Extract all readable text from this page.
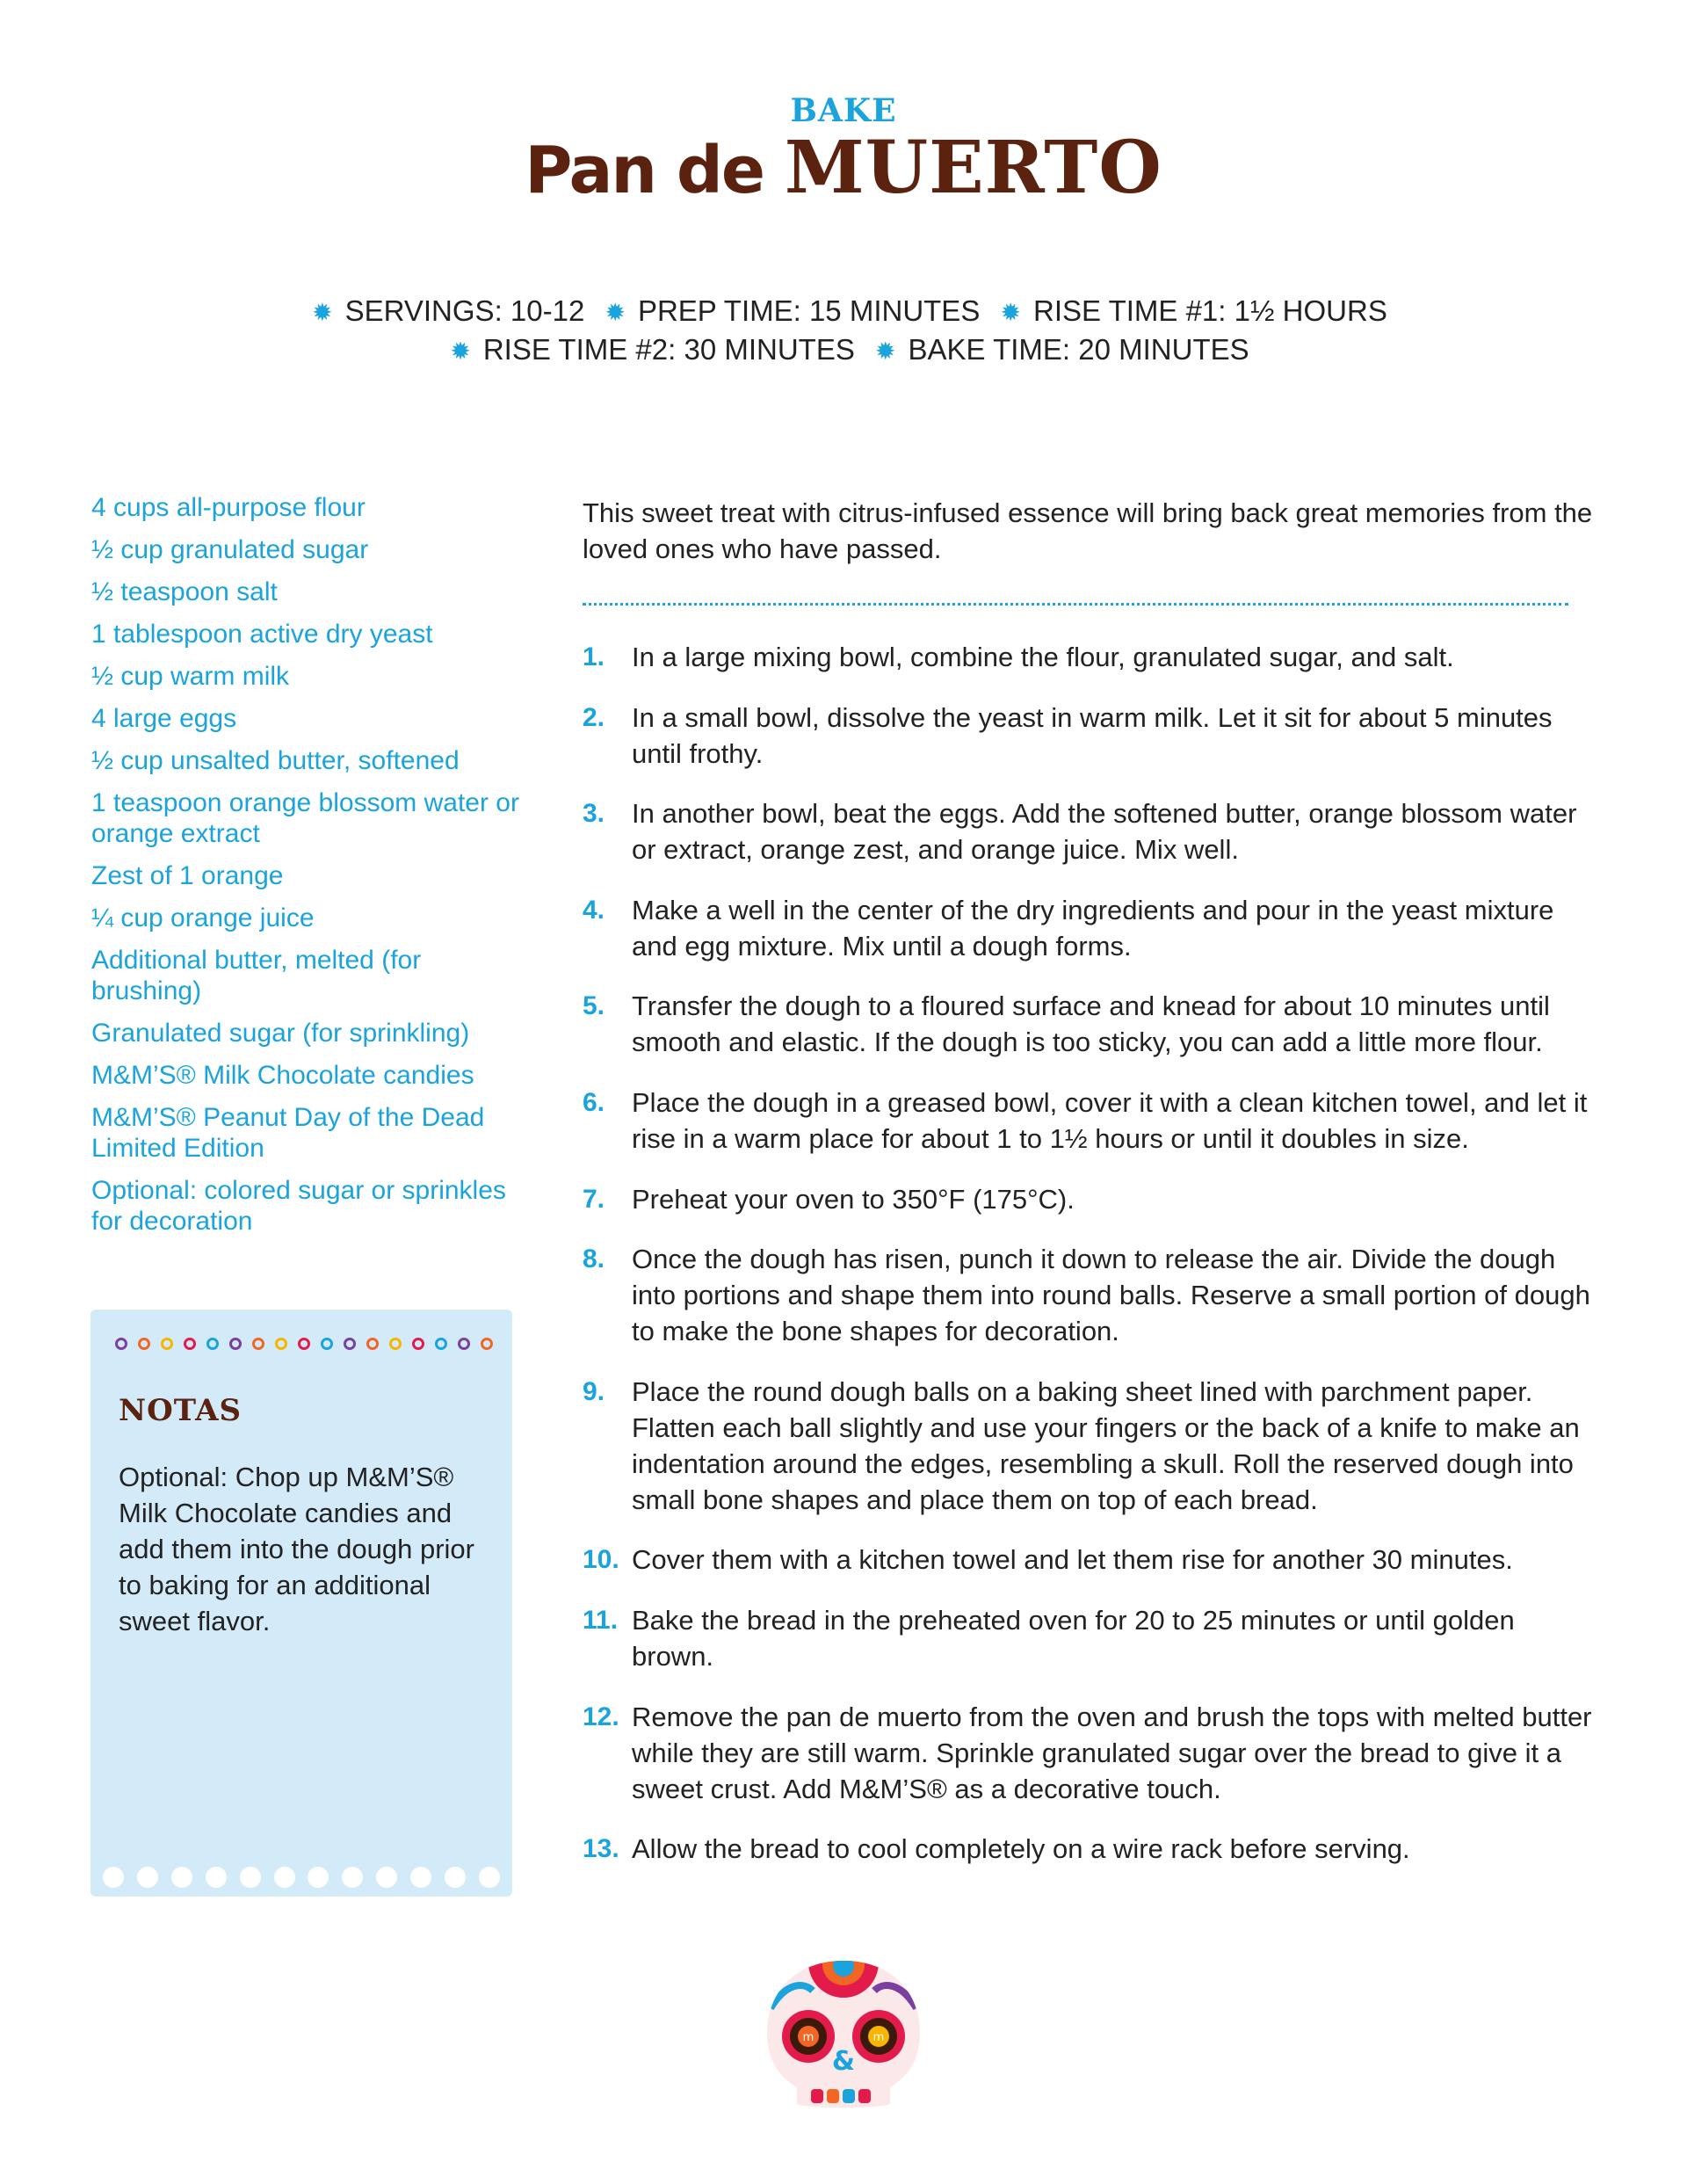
BAKE
Pan de MUERTO
✹ SERVINGS: 10-12 ✹ PREP TIME: 15 MINUTES ✹ RISE TIME #1: 1½ HOURS
✹ RISE TIME #2: 30 MINUTES ✹ BAKE TIME: 20 MINUTES
4 cups all-purpose flour
½ cup granulated sugar
½ teaspoon salt
1 tablespoon active dry yeast
½ cup warm milk
4 large eggs
½ cup unsalted butter, softened
1 teaspoon orange blossom water or orange extract
Zest of 1 orange
¼ cup orange juice
Additional butter, melted (for brushing)
Granulated sugar (for sprinkling)
M&M’S® Milk Chocolate candies
M&M’S® Peanut Day of the Dead Limited Edition
Optional: colored sugar or sprinkles for decoration
NOTAS
Optional: Chop up M&M’S® Milk Chocolate candies and add them into the dough prior to baking for an additional sweet flavor.
This sweet treat with citrus-infused essence will bring back great memories from the loved ones who have passed.
1. In a large mixing bowl, combine the flour, granulated sugar, and salt.
2. In a small bowl, dissolve the yeast in warm milk. Let it sit for about 5 minutes until frothy.
3. In another bowl, beat the eggs. Add the softened butter, orange blossom water or extract, orange zest, and orange juice. Mix well.
4. Make a well in the center of the dry ingredients and pour in the yeast mixture and egg mixture. Mix until a dough forms.
5. Transfer the dough to a floured surface and knead for about 10 minutes until smooth and elastic. If the dough is too sticky, you can add a little more flour.
6. Place the dough in a greased bowl, cover it with a clean kitchen towel, and let it rise in a warm place for about 1 to 1½ hours or until it doubles in size.
7. Preheat your oven to 350°F (175°C).
8. Once the dough has risen, punch it down to release the air. Divide the dough into portions and shape them into round balls. Reserve a small portion of dough to make the bone shapes for decoration.
9. Place the round dough balls on a baking sheet lined with parchment paper. Flatten each ball slightly and use your fingers or the back of a knife to make an indentation around the edges, resembling a skull. Roll the reserved dough into small bone shapes and place them on top of each bread.
10. Cover them with a kitchen towel and let them rise for another 30 minutes.
11. Bake the bread in the preheated oven for 20 to 25 minutes or until golden brown.
12. Remove the pan de muerto from the oven and brush the tops with melted butter while they are still warm. Sprinkle granulated sugar over the bread to give it a sweet crust. Add M&M’S® as a decorative touch.
13. Allow the bread to cool completely on a wire rack before serving.
m	m
&
